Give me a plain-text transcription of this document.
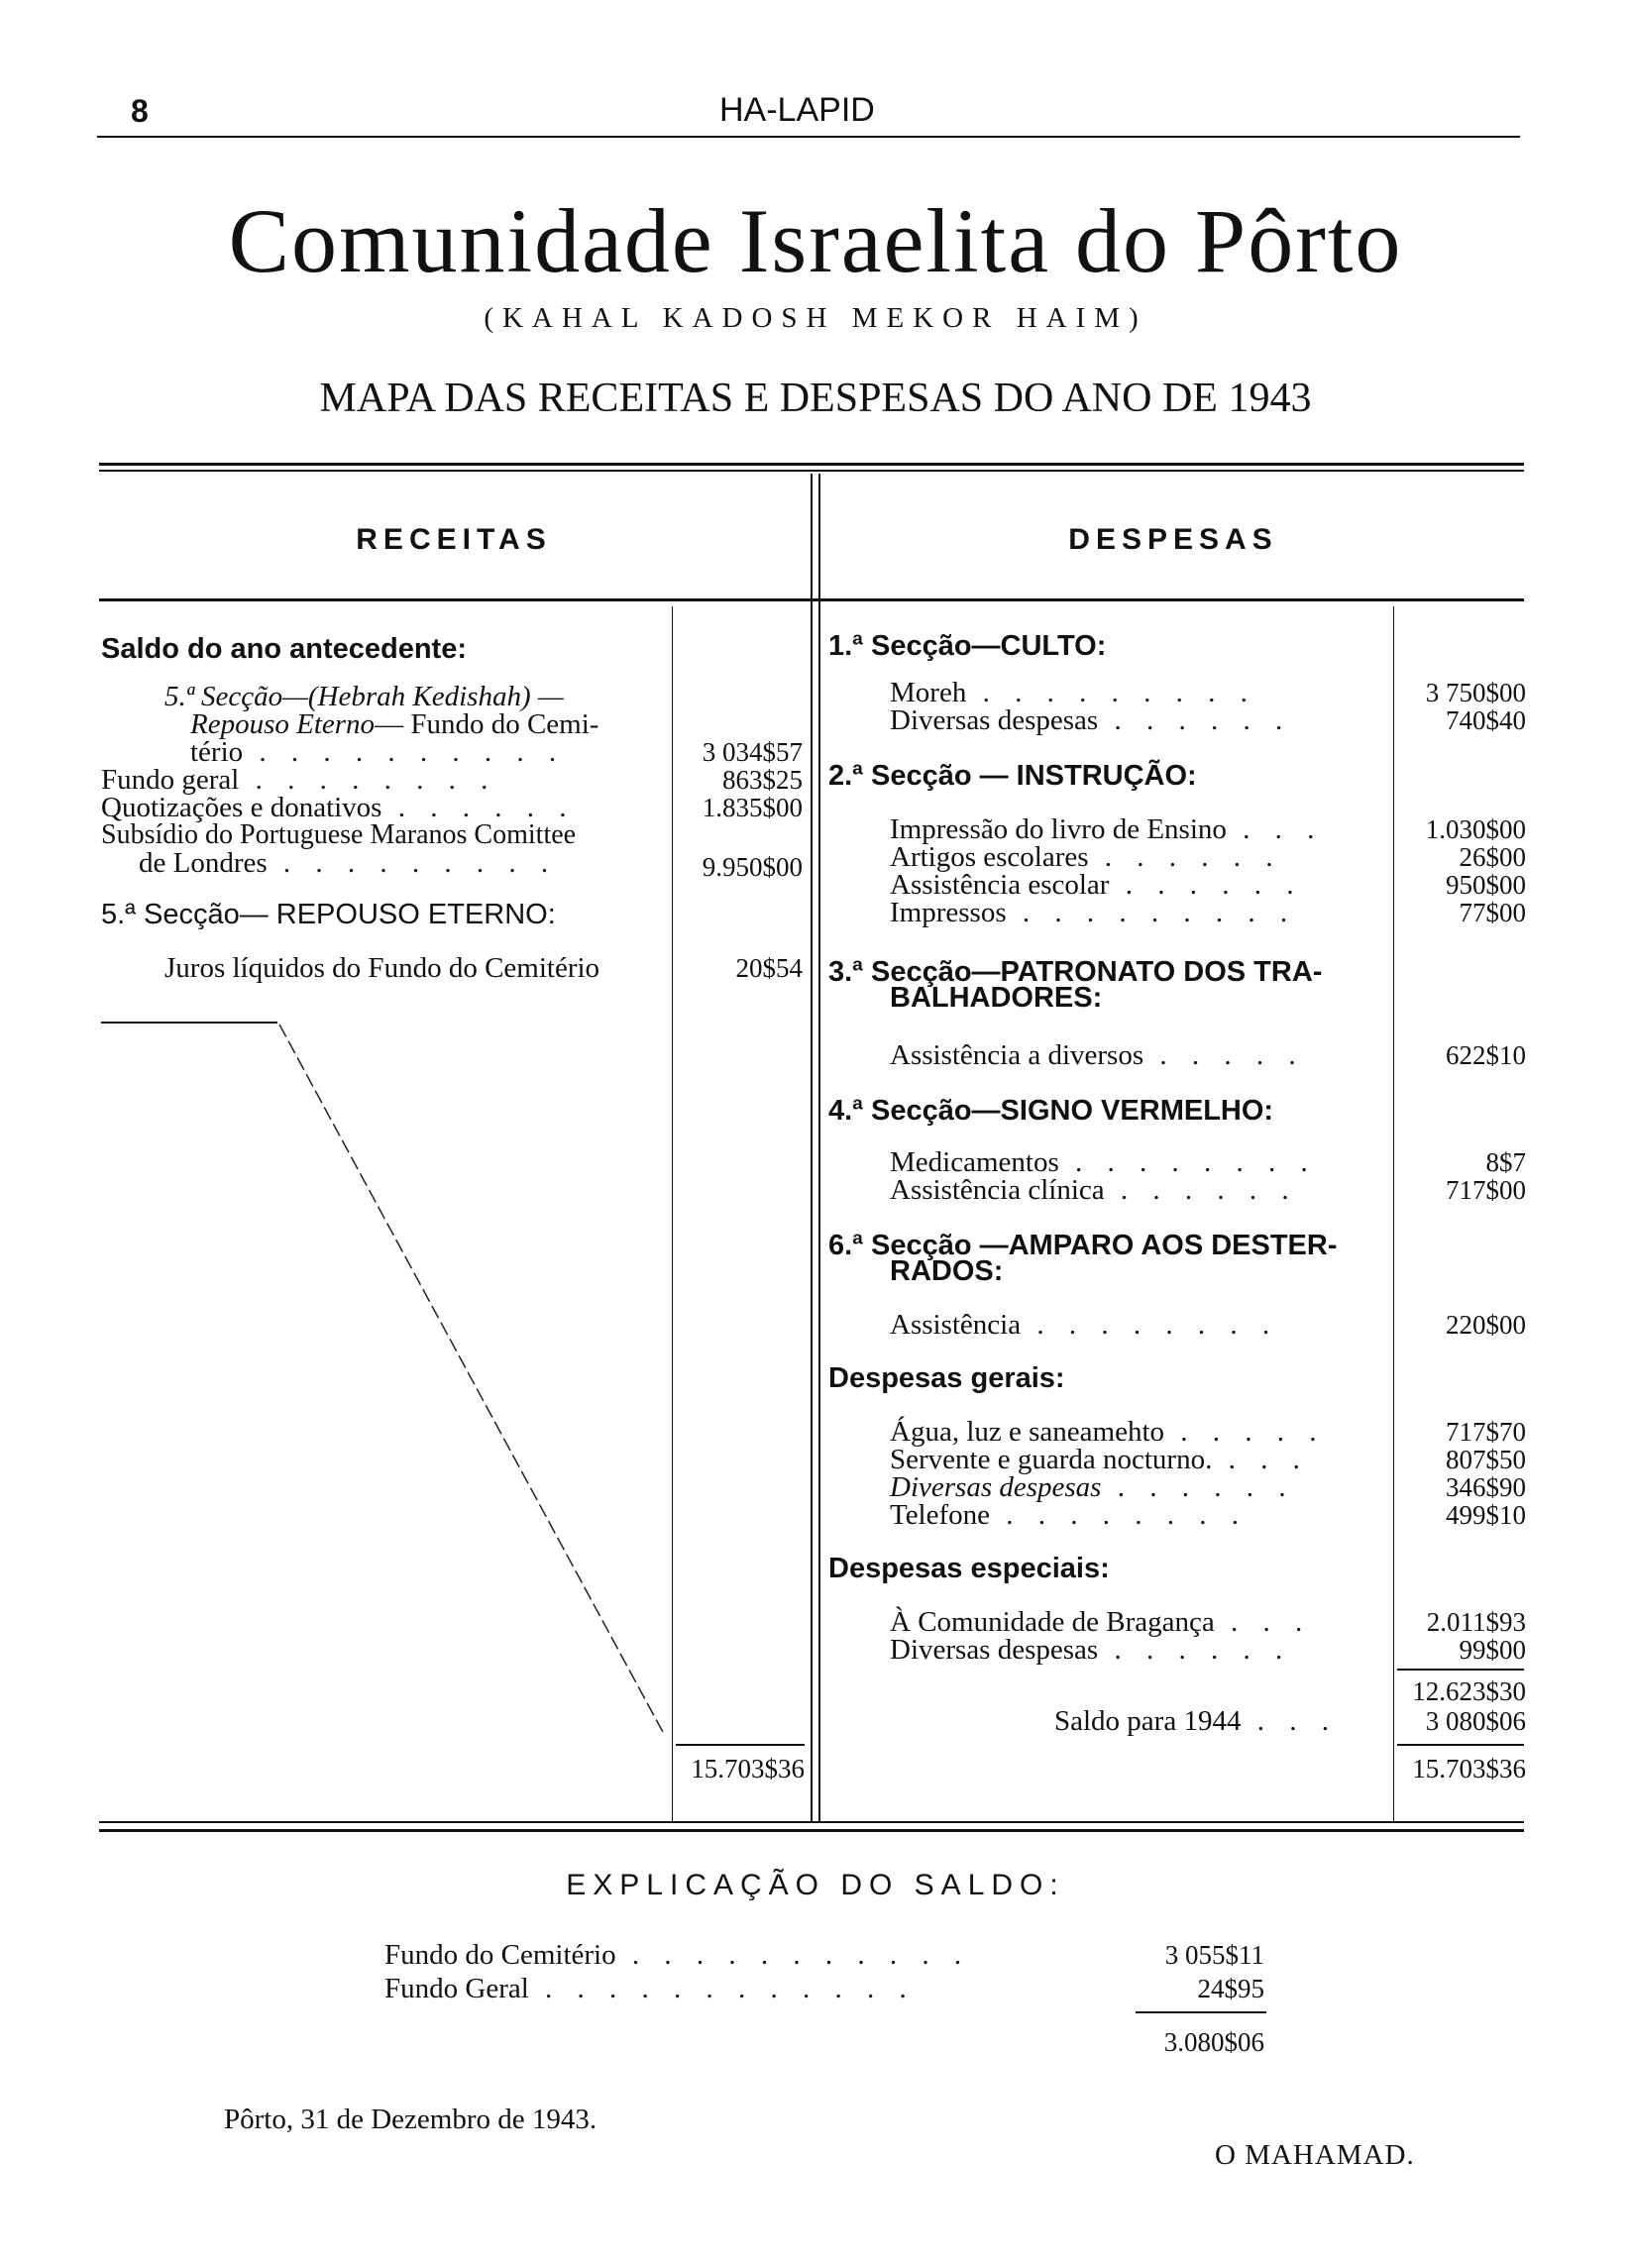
8	HA-LAPID
Comunidade Israelita do Pôrto
(KAHAL KADOSH MEKOR HAIM)
MAPA DAS RECEITAS E DESPESAS DO ANO DE 1943
RECEITAS	DESPESAS
Saldo do ano antecedente:
5.ª Secção—(Hebrah Kedishah) —
Repouso Eterno— Fundo do Cemi-
tério . . . . . . . . . .	3 034$57
Fundo geral . . . . . . . .	863$25
Quotizações e donativos . . . . . .	1.835$00
Subsídio do Portuguese Maranos Comittee
de Londres . . . . . . . . .	9.950$00
5.ª Secção— REPOUSO ETERNO:
Juros líquidos do Fundo do Cemitério	20$54
15.703$36
1.ª Secção—CULTO:
Moreh . . . . . . . . .	3 750$00
Diversas despesas . . . . . .	740$40
2.ª Secção — INSTRUÇÃO:
Impressão do livro de Ensino . . .	1.030$00
Artigos escolares . . . . . .	26$00
Assistência escolar . . . . . .	950$00
Impressos . . . . . . . . .	77$00
3.ª Secção—PATRONATO DOS TRA-
BALHADORES:
Assistência a diversos . . . . .	622$10
4.ª Secção—SIGNO VERMELHO:
Medicamentos . . . . . . . .	8$7
Assistência clínica . . . . . .	717$00
6.ª Secção —AMPARO AOS DESTER-
RADOS:
Assistência . . . . . . . .	220$00
Despesas gerais:
Água, luz e saneamehto . . . . .	717$70
Servente e guarda nocturno. . . .	807$50
Diversas despesas . . . . . .	346$90
Telefone . . . . . . . .	499$10
Despesas especiais:
À Comunidade de Bragança . . .	2.011$93
Diversas despesas . . . . . .	99$00
12.623$30
Saldo para 1944 . . .	3 080$06
15.703$36
EXPLICAÇÃO DO SALDO:
Fundo do Cemitério . . . . . . . . . . .	3 055$11
Fundo Geral . . . . . . . . . . . .	24$95
3.080$06
Pôrto, 31 de Dezembro de 1943.
O MAHAMAD.
